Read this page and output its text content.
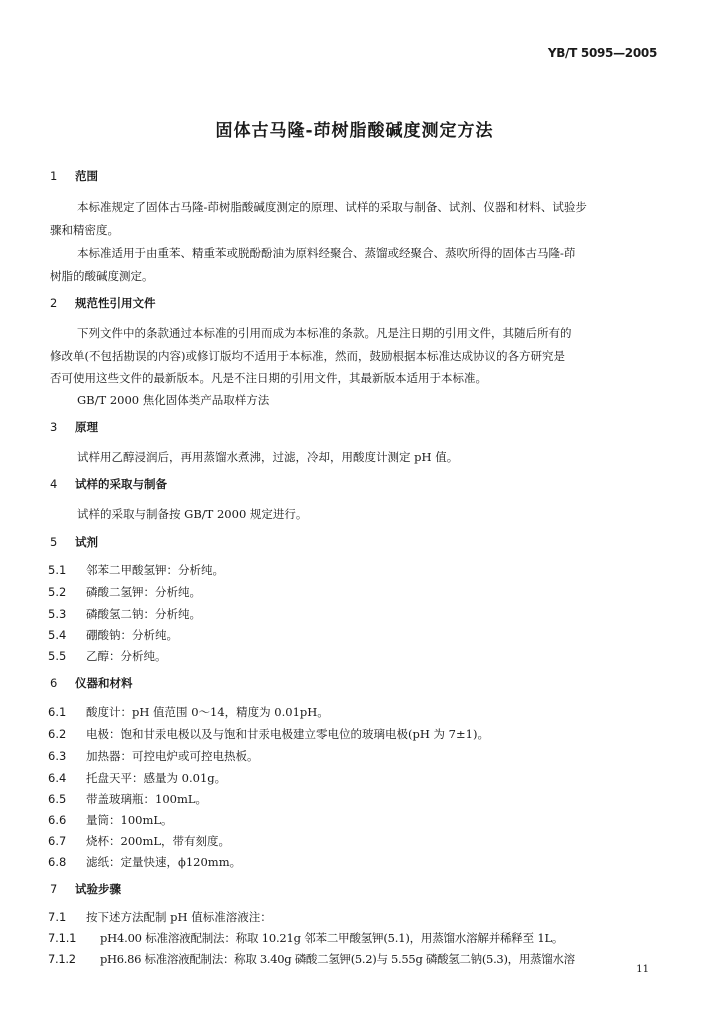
YB/T 5095—2005
固体古马隆-茚树脂酸碱度测定方法
1 范围
本标准规定了固体古马隆-茚树脂酸碱度测定的原理、试样的采取与制备、试剂、仪器和材料、试验步
骤和精密度。
本标准适用于由重苯、精重苯或脱酚酚油为原料经聚合、蒸馏或经聚合、蒸吹所得的固体古马隆-茚
树脂的酸碱度测定。
2 规范性引用文件
下列文件中的条款通过本标准的引用而成为本标准的条款。凡是注日期的引用文件，其随后所有的
修改单(不包括勘误的内容)或修订版均不适用于本标准，然而，鼓励根据本标准达成协议的各方研究是
否可使用这些文件的最新版本。凡是不注日期的引用文件，其最新版本适用于本标准。
GB/T 2000 焦化固体类产品取样方法
3 原理
试样用乙醇浸润后，再用蒸馏水煮沸，过滤，冷却，用酸度计测定 pH 值。
4 试样的采取与制备
试样的采取与制备按 GB/T 2000 规定进行。
5 试剂
5.1 邻苯二甲酸氢钾：分析纯。
5.2 磷酸二氢钾：分析纯。
5.3 磷酸氢二钠：分析纯。
5.4 硼酸钠：分析纯。
5.5 乙醇：分析纯。
6 仪器和材料
6.1 酸度计：pH 值范围 0～14，精度为 0.01pH。
6.2 电极：饱和甘汞电极以及与饱和甘汞电极建立零电位的玻璃电极(pH 为 7±1)。
6.3 加热器：可控电炉或可控电热板。
6.4 托盘天平：感量为 0.01g。
6.5 带盖玻璃瓶：100mL。
6.6 量筒：100mL。
6.7 烧杯：200mL，带有刻度。
6.8 滤纸：定量快速，ϕ120mm。
7 试验步骤
7.1 按下述方法配制 pH 值标准溶液注：
7.1.1 pH4.00 标准溶液配制法：称取 10.21g 邻苯二甲酸氢钾(5.1)，用蒸馏水溶解并稀释至 1L。
7.1.2 pH6.86 标准溶液配制法：称取 3.40g 磷酸二氢钾(5.2)与 5.55g 磷酸氢二钠(5.3)，用蒸馏水溶
11
